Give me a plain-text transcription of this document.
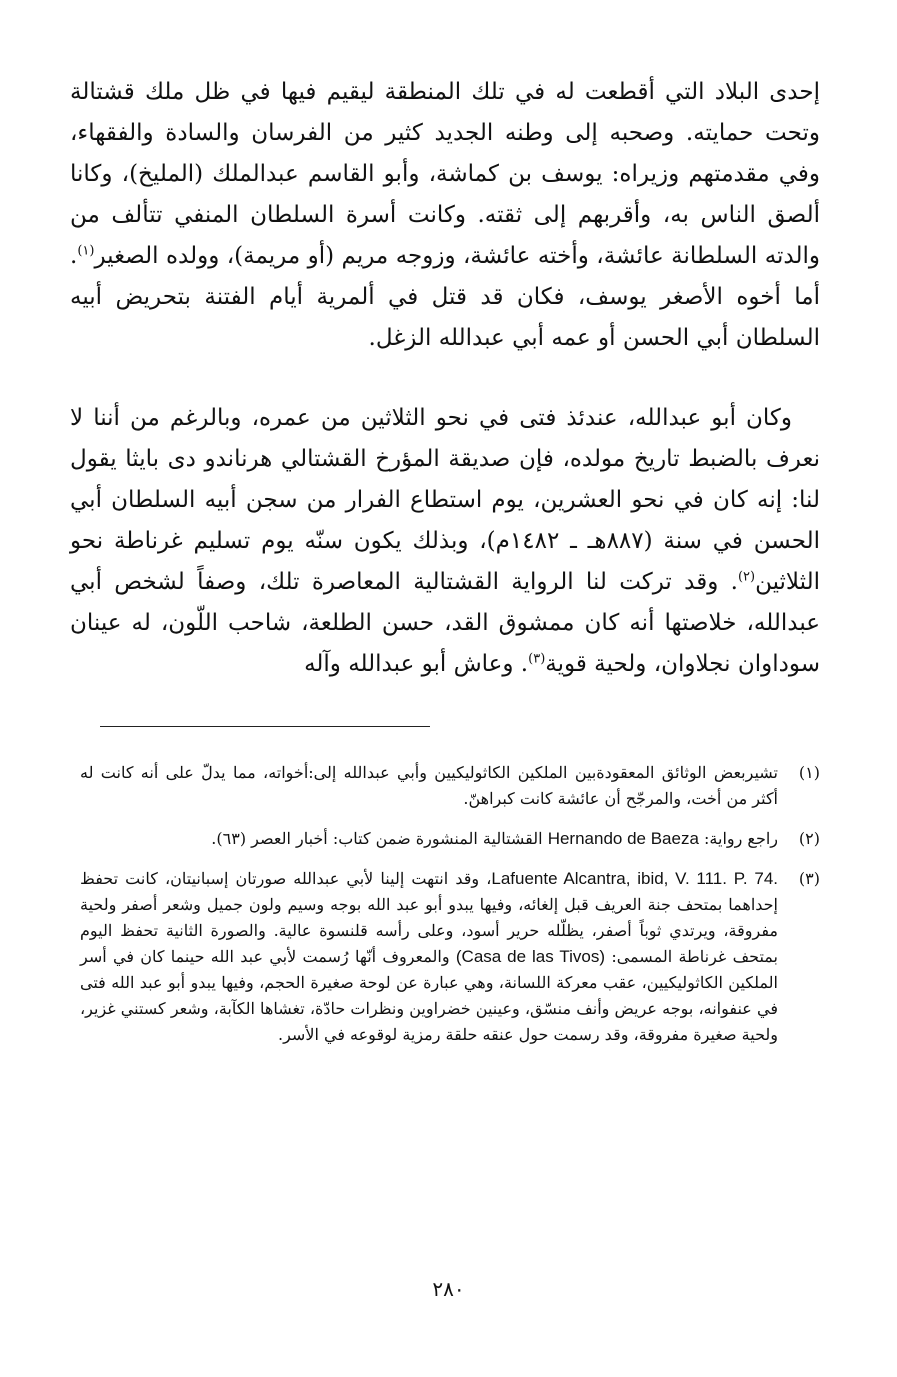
إحدى البلاد التي أقطعت له في تلك المنطقة ليقيم فيها في ظل ملك قشتالة وتحت حمايته. وصحبه إلى وطنه الجديد كثير من الفرسان والسادة والفقهاء، وفي مقدمتهم وزيراه: يوسف بن كماشة، وأبو القاسم عبدالملك (المليخ)، وكانا ألصق الناس به، وأقربهم إلى ثقته. وكانت أسرة السلطان المنفي تتألف من والدته السلطانة عائشة، وأخته عائشة، وزوجه مريم (أو مريمة)، وولده الصغير$^{(١)}$. أما أخوه الأصغر يوسف، فكان قد قتل في ألمرية أيام الفتنة بتحريض أبيه السلطان أبي الحسن أو عمه أبي عبدالله الزغل.

وكان أبو عبدالله، عندئذ فتى في نحو الثلاثين من عمره، وبالرغم من أننا لا نعرف بالضبط تاريخ مولده، فإن صديقة المؤرخ القشتالي هرناندو دى بايثا يقول لنا: إنه كان في نحو العشرين، يوم استطاع الفرار من سجن أبيه السلطان أبي الحسن في سنة (٨٨٧هـ ـ ١٤٨٢م)، وبذلك يكون سنّه يوم تسليم غرناطة نحو الثلاثين$^{(٢)}$. وقد تركت لنا الرواية القشتالية المعاصرة تلك، وصفاً لشخص أبي عبدالله، خلاصتها أنه كان ممشوق القد، حسن الطلعة، شاحب اللّون، له عينان سوداوان نجلاوان، ولحية قوية$^{(٣)}$. وعاش أبو عبدالله وآله

(١)
تشيربعض الوثائق المعقودةبين الملكين الكاثوليكيين وأبي عبدالله إلى:أخواته، مما يدلّ على أنه كانت له أكثر من أخت، والمرجّح أن عائشة كانت كبراهنّ.
(٢)
راجع رواية: Hernando de Baeza القشتالية المنشورة ضمن كتاب: أخبار العصر (٦٣).
(٣)
Lafuente Alcantra, ibid, V. 111. P. 74.، وقد انتهت إلينا لأبي عبدالله صورتان إسبانيتان، كانت تحفظ إحداهما بمتحف جنة العريف قبل إلغائه، وفيها يبدو أبو عبد الله بوجه وسيم ولون جميل وشعر أصفر ولحية مفروقة، ويرتدي ثوباً أصفر، يظلّله حرير أسود، وعلى رأسه قلنسوة عالية. والصورة الثانية تحفظ اليوم بمتحف غرناطة المسمى: (Casa de las Tivos) والمعروف أنّها رُسمت لأبي عبد الله حينما كان في أسر الملكين الكاثوليكيين، عقب معركة اللسانة، وهي عبارة عن لوحة صغيرة الحجم، وفيها يبدو أبو عبد الله فتى في عنفوانه، بوجه عريض وأنف منسّق، وعينين خضراوين ونظرات حادّة، تغشاها الكآبة، وشعر كستني غزير، ولحية صغيرة مفروقة، وقد رسمت حول عنقه حلقة رمزية لوقوعه في الأسر.
٢٨٠
